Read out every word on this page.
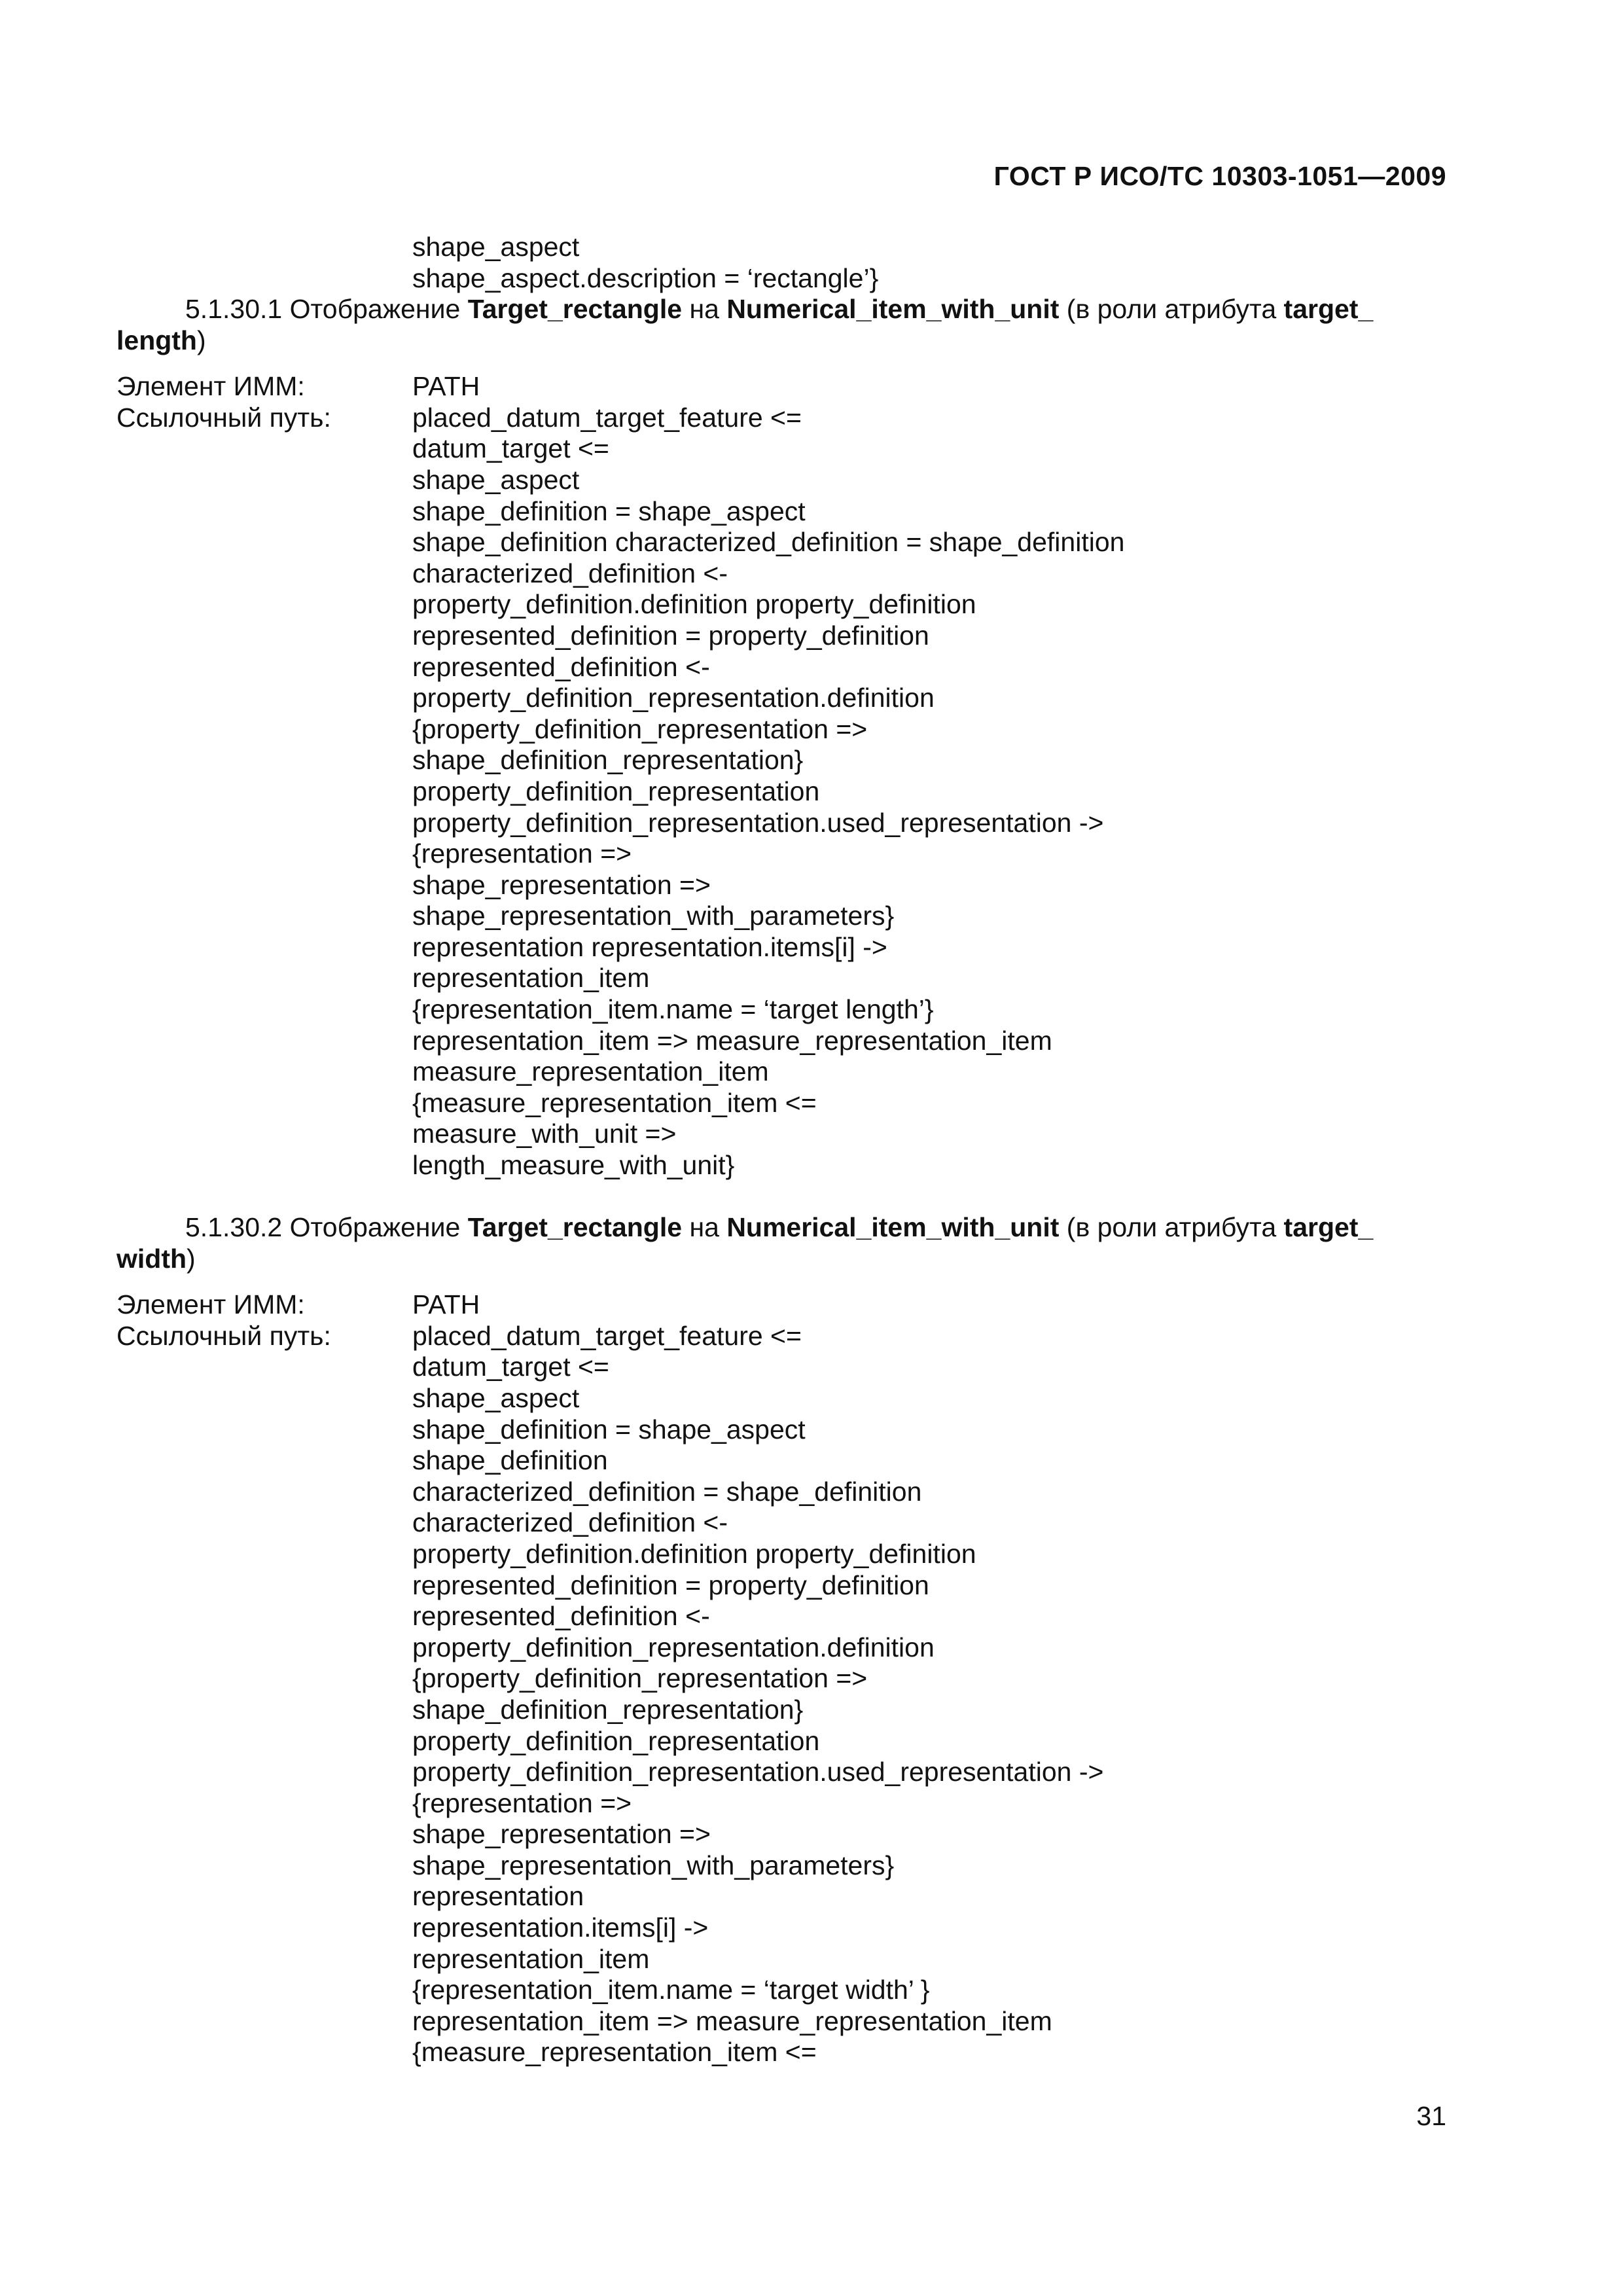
ГОСТ Р ИСО/ТС 10303-1051—2009
shape_aspect
shape_aspect.description = ‘rectangle’}
5.1.30.1 Отображение Target_rectangle на Numerical_item_with_unit (в роли атрибута target_
length)
Элемент ИММ:	PATH
Ссылочный путь:	placed_datum_target_feature <=
datum_target <=
shape_aspect
shape_definition = shape_aspect
shape_definition characterized_definition = shape_definition
characterized_definition <-
property_definition.definition property_definition
represented_definition = property_definition
represented_definition <-
property_definition_representation.definition
{property_definition_representation =>
shape_definition_representation}
property_definition_representation
property_definition_representation.used_representation ->
{representation =>
shape_representation =>
shape_representation_with_parameters}
representation representation.items[i] ->
representation_item
{representation_item.name = ‘target length’}
representation_item => measure_representation_item
measure_representation_item
{measure_representation_item <=
measure_with_unit =>
length_measure_with_unit}
5.1.30.2 Отображение Target_rectangle на Numerical_item_with_unit (в роли атрибута target_
width)
Элемент ИММ:	PATH
Ссылочный путь:	placed_datum_target_feature <=
datum_target <=
shape_aspect
shape_definition = shape_aspect
shape_definition
characterized_definition = shape_definition
characterized_definition <-
property_definition.definition property_definition
represented_definition = property_definition
represented_definition <-
property_definition_representation.definition
{property_definition_representation =>
shape_definition_representation}
property_definition_representation
property_definition_representation.used_representation ->
{representation =>
shape_representation =>
shape_representation_with_parameters}
representation
representation.items[i] ->
representation_item
{representation_item.name = ‘target width’ }
representation_item => measure_representation_item
{measure_representation_item <=
31
